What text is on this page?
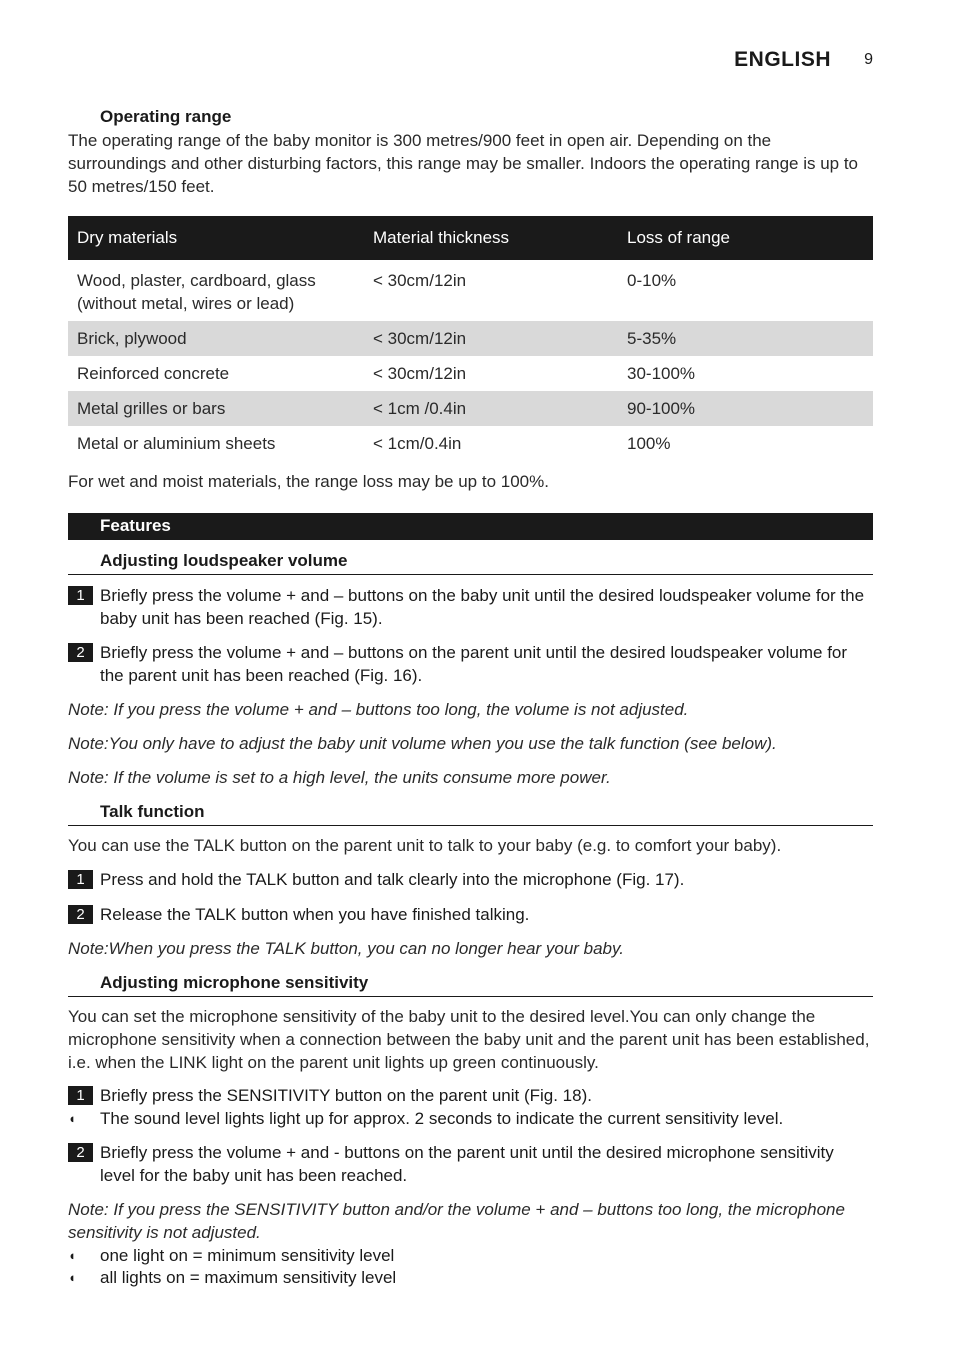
ENGLISH 9
Operating range
The operating range of the baby monitor is 300 metres/900 feet in open air. Depending on the surroundings and other disturbing factors, this range may be smaller. Indoors the operating range is up to 50 metres/150 feet.
Dry materials	Material thickness	Loss of range
Wood, plaster, cardboard, glass (without metal, wires or lead)	< 30cm/12in	0-10%
Brick, plywood	< 30cm/12in	5-35%
Reinforced concrete	< 30cm/12in	30-100%
Metal grilles or bars	< 1cm /0.4in	90-100%
Metal or aluminium sheets	< 1cm/0.4in	100%
For wet and moist materials, the range loss may be up to 100%.
Features
Adjusting loudspeaker volume
1 Briefly press the volume + and – buttons on the baby unit until the desired loudspeaker volume for the baby unit has been reached (Fig. 15).
2 Briefly press the volume + and – buttons on the parent unit until the desired loudspeaker volume for the parent unit has been reached (Fig. 16).
Note: If you press the volume + and – buttons too long, the volume is not adjusted.
Note:You only have to adjust the baby unit volume when you use the talk function (see below).
Note: If the volume is set to a high level, the units consume more power.
Talk function
You can use the TALK button on the parent unit to talk to your baby (e.g. to comfort your baby).
1 Press and hold the TALK button and talk clearly into the microphone (Fig. 17).
2 Release the TALK button when you have finished talking.
Note:When you press the TALK button, you can no longer hear your baby.
Adjusting microphone sensitivity
You can set the microphone sensitivity of the baby unit to the desired level.You can only change the microphone sensitivity when a connection between the baby unit and the parent unit has been established, i.e. when the LINK light on the parent unit lights up green continuously.
1 Briefly press the SENSITIVITY button on the parent unit (Fig. 18).
◖ The sound level lights light up for approx. 2 seconds to indicate the current sensitivity level.
2 Briefly press the volume + and - buttons on the parent unit until the desired microphone sensitivity level for the baby unit has been reached.
Note: If you press the SENSITIVITY button and/or the volume + and – buttons too long, the microphone sensitivity is not adjusted.
◖ one light on = minimum sensitivity level
◖ all lights on = maximum sensitivity level
